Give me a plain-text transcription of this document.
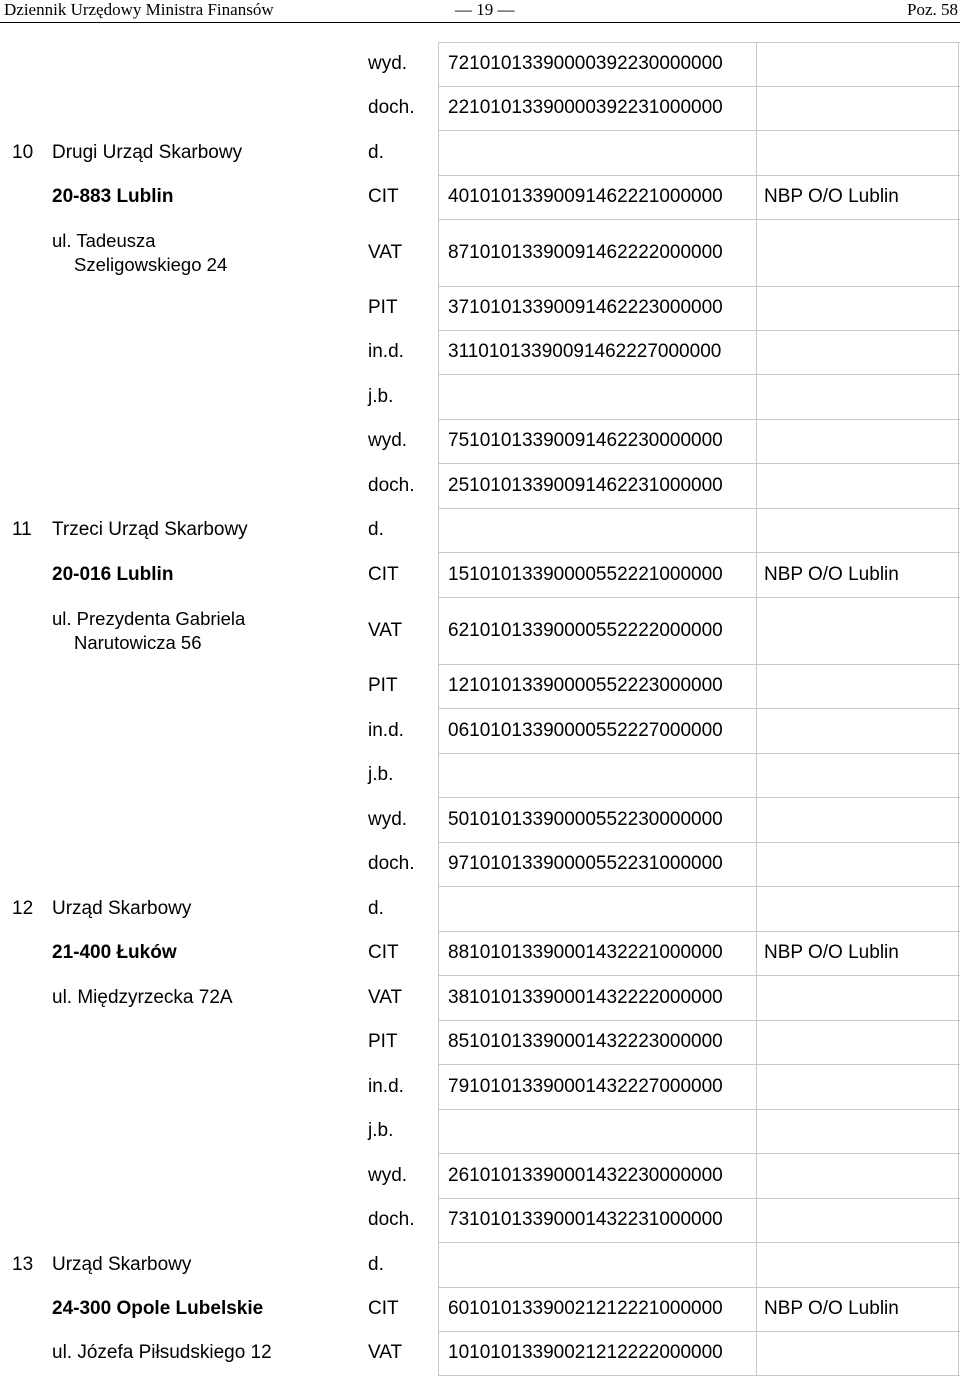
Dziennik Urzędowy Ministra Finansów	— 19 —	Poz. 58
wyd. 72101013390000392230000000
doch. 22101013390000392231000000
10 Drugi Urząd Skarbowy	d.
20-883 Lublin	CIT	40101013390091462221000000 NBP O/O Lublin
ul. Tadeusza
Szeligowskiego 24
VAT 87101013390091462222000000
PIT	37101013390091462223000000
in.d. 31101013390091462227000000
j.b.
wyd. 75101013390091462230000000
doch. 25101013390091462231000000
11 Trzeci Urząd Skarbowy	d.
20-016 Lublin	CIT	15101013390000552221000000 NBP O/O Lublin
ul. Prezydenta Gabriela
Narutowicza 56
VAT 62101013390000552222000000
PIT	12101013390000552223000000
in.d. 06101013390000552227000000
j.b.
wyd. 50101013390000552230000000
doch. 97101013390000552231000000
12 Urząd Skarbowy	d.
21-400 Łuków	CIT	88101013390001432221000000 NBP O/O Lublin
ul. Międzyrzecka 72A	VAT 38101013390001432222000000
PIT	85101013390001432223000000
in.d. 79101013390001432227000000
j.b.
wyd. 26101013390001432230000000
doch. 73101013390001432231000000
13 Urząd Skarbowy	d.
24-300 Opole Lubelskie	CIT	60101013390021212221000000 NBP O/O Lublin
ul. Józefa Piłsudskiego 12	VAT 10101013390021212222000000
